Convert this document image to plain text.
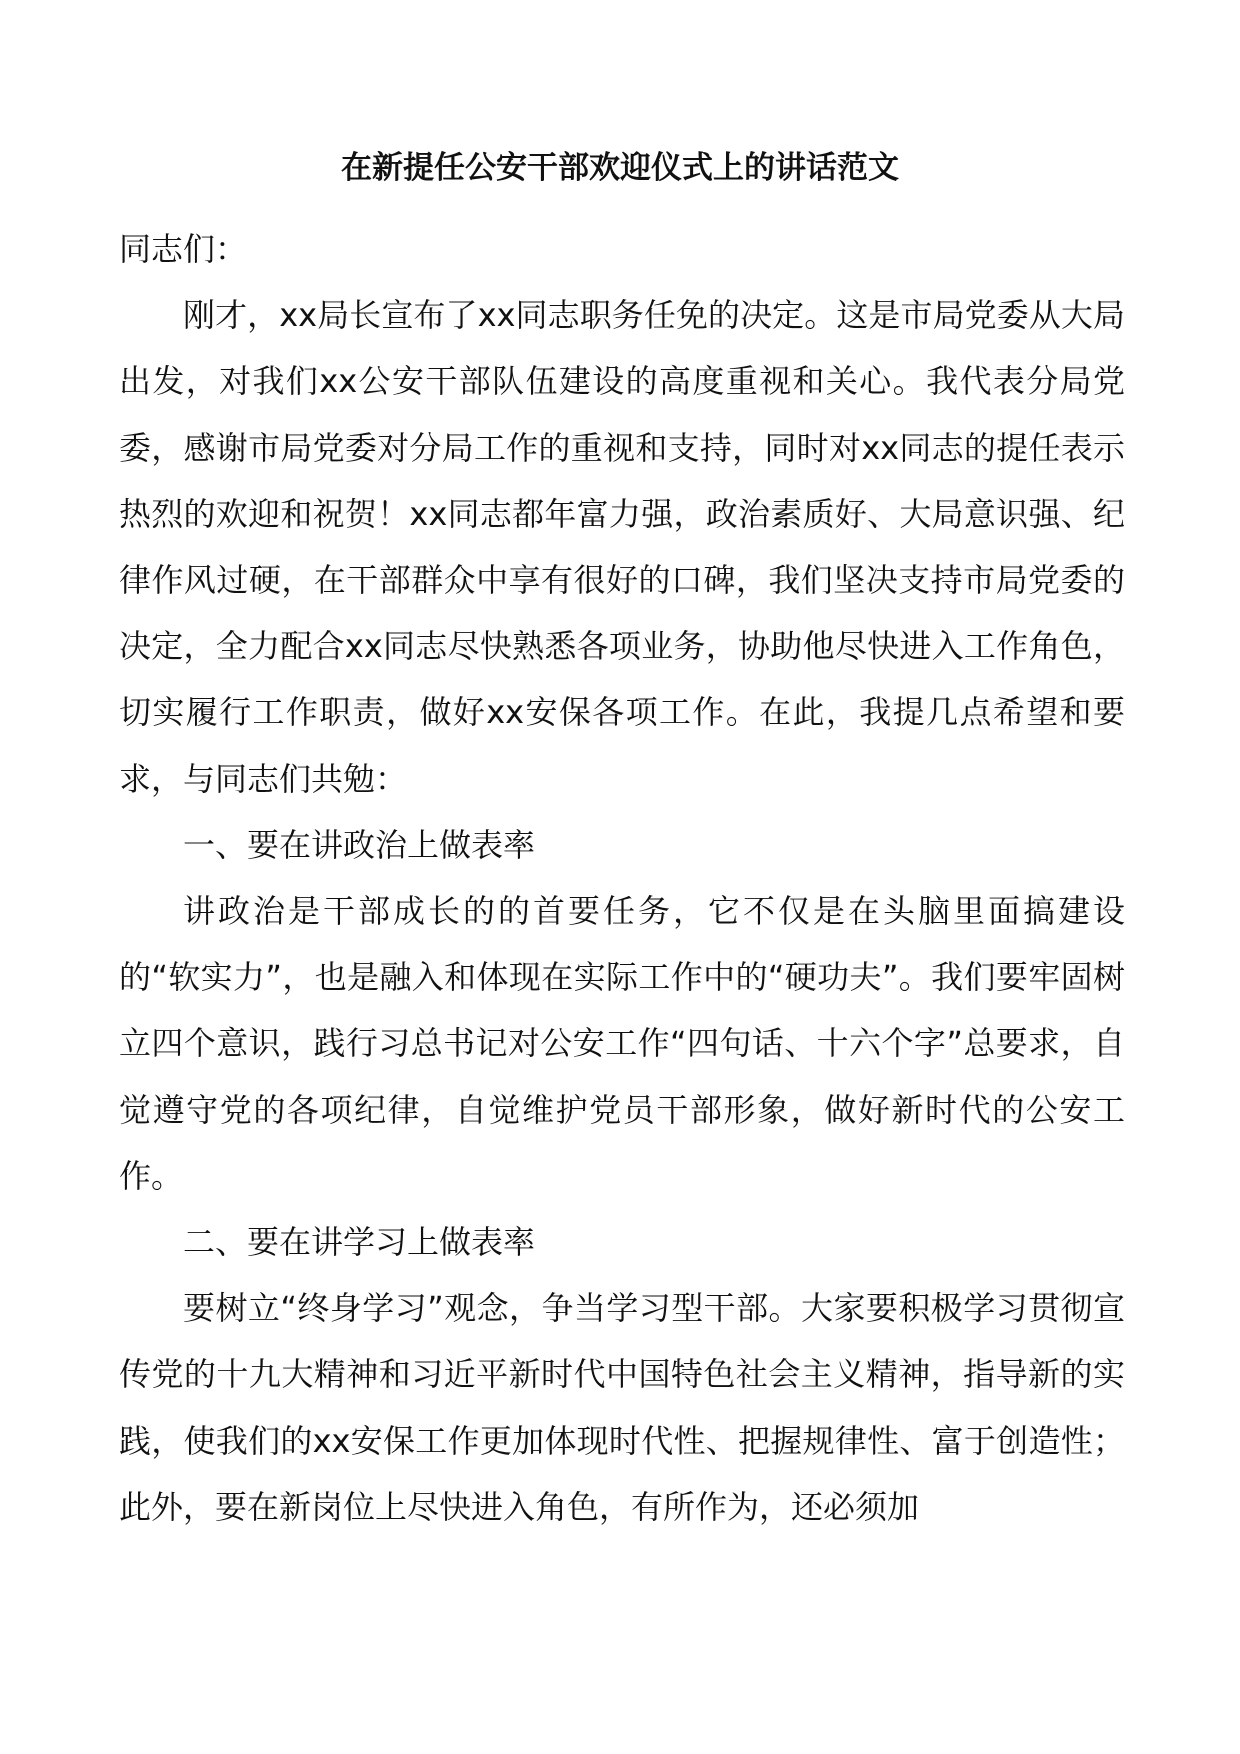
在新提任公安干部欢迎仪式上的讲话范文

同志们：

刚才，xx局长宣布了xx同志职务任免的决定。这是市局党委从大局出发，对我们xx公安干部队伍建设的高度重视和关心。我代表分局党委，感谢市局党委对分局工作的重视和支持，同时对xx同志的提任表示热烈的欢迎和祝贺！xx同志都年富力强，政治素质好、大局意识强、纪律作风过硬，在干部群众中享有很好的口碑，我们坚决支持市局党委的决定，全力配合xx同志尽快熟悉各项业务，协助他尽快进入工作角色，切实履行工作职责，做好xx安保各项工作。在此，我提几点希望和要求，与同志们共勉：

一、要在讲政治上做表率

讲政治是干部成长的的首要任务，它不仅是在头脑里面搞建设的“软实力”，也是融入和体现在实际工作中的“硬功夫”。我们要牢固树立四个意识，践行习总书记对公安工作“四句话、十六个字”总要求，自觉遵守党的各项纪律，自觉维护党员干部形象，做好新时代的公安工作。

二、要在讲学习上做表率

要树立“终身学习”观念，争当学习型干部。大家要积极学习贯彻宣传党的十九大精神和习近平新时代中国特色社会主义精神，指导新的实践，使我们的xx安保工作更加体现时代性、把握规律性、富于创造性；此外，要在新岗位上尽快进入角色，有所作为，还必须加
